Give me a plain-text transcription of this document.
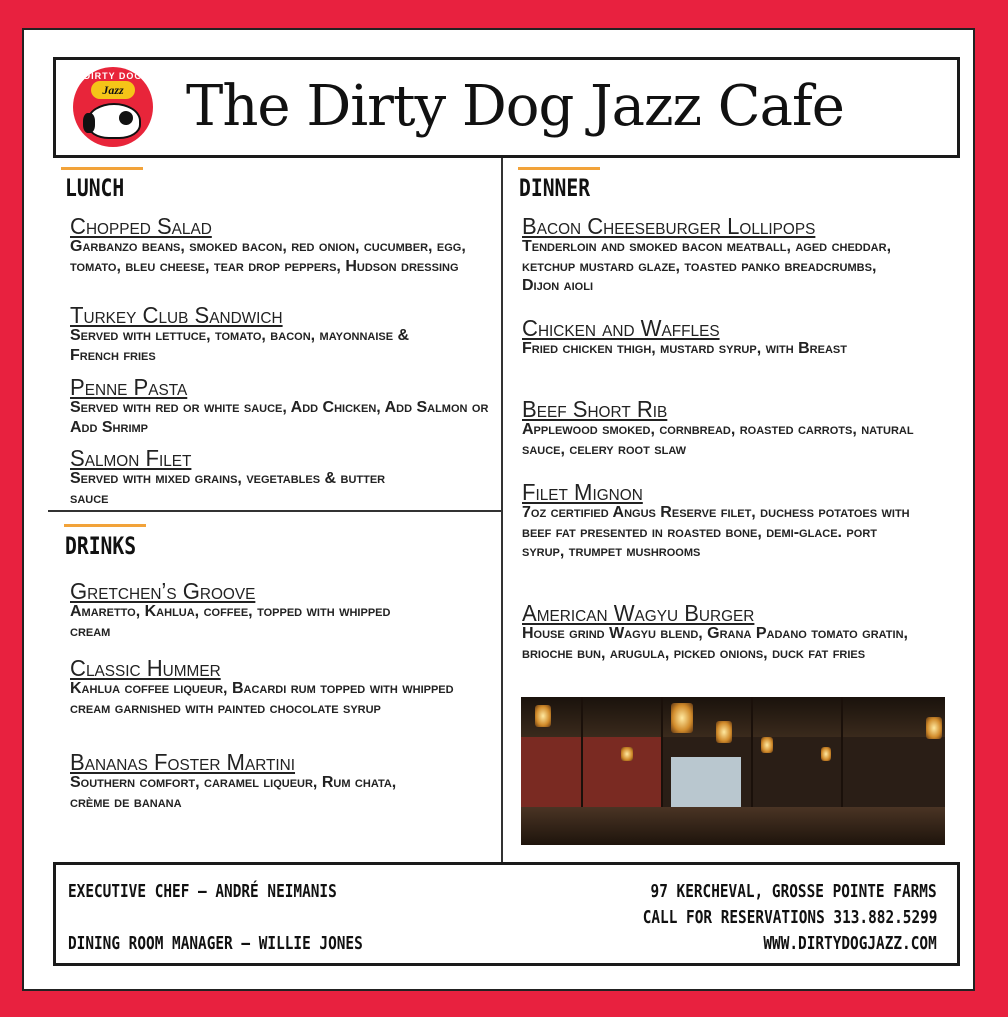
DIRTY DOG
Jazz The Dirty Dog Jazz Cafe
LUNCH
Chopped Salad
Garbanzo beans, smoked bacon, red onion, cucumber, egg, tomato, bleu cheese, tear drop peppers, Hudson dressing
Turkey Club Sandwich
Served with lettuce, tomato, bacon, mayonnaise & French fries
Penne Pasta
Served with red or white sauce, Add Chicken, Add Salmon or Add Shrimp
Salmon Filet
Served with mixed grains, vegetables & butter sauce
DRINKS
Gretchen’s Groove
Amaretto, Kahlua, coffee, topped with whipped cream
Classic Hummer
Kahlua coffee liqueur, Bacardi rum topped with whipped cream garnished with painted chocolate syrup
Bananas Foster Martini
Southern comfort, caramel liqueur, Rum chata, crème de banana
DINNER
Bacon Cheeseburger Lollipops
Tenderloin and smoked bacon meatball, aged cheddar, ketchup mustard glaze, toasted panko breadcrumbs, Dijon aioli
Chicken and Waffles
Fried chicken thigh, mustard syrup, with Breast
Beef Short Rib
Applewood smoked, cornbread, roasted carrots, natural sauce, celery root slaw
Filet Mignon
7oz certified Angus Reserve filet, duchess potatoes with beef fat presented in roasted bone, demi-glace. port syrup, trumpet mushrooms
American Wagyu Burger
House grind Wagyu blend, Grana Padano tomato gratin, brioche bun, arugula, picked onions, duck fat fries
EXECUTIVE CHEF — ANDRÉ NEIMANIS
DINING ROOM MANAGER — WILLIE JONES
97 KERCHEVAL, GROSSE POINTE FARMS
CALL FOR RESERVATIONS 313.882.5299
WWW.DIRTYDOGJAZZ.COM
